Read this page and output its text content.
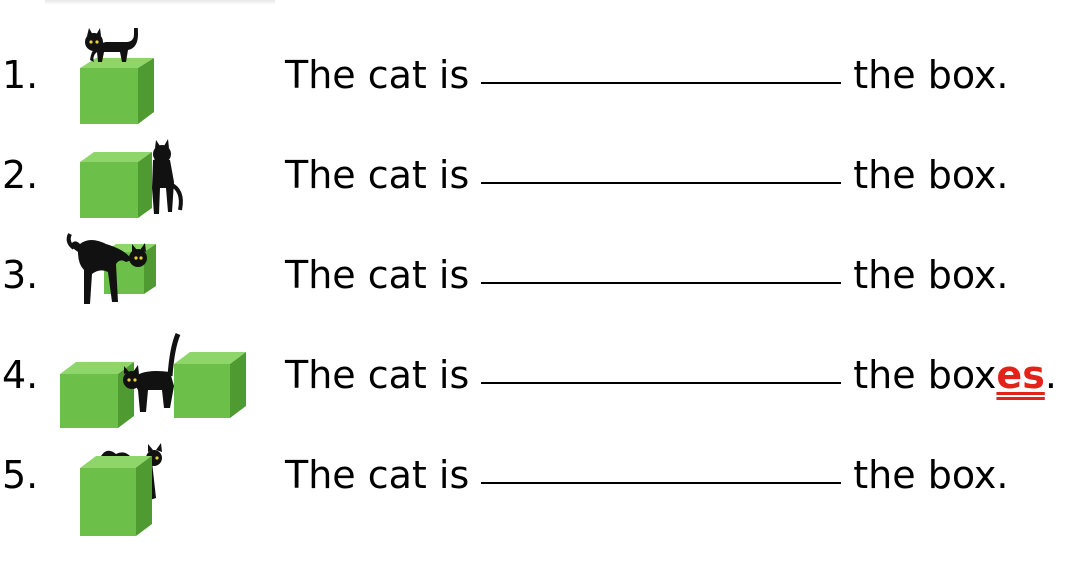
1.	The cat is	the box.
2.	The cat is	the box.
3.	The cat is	the box.
4.	The cat is	the boxes.
5.	The cat is	the box.
